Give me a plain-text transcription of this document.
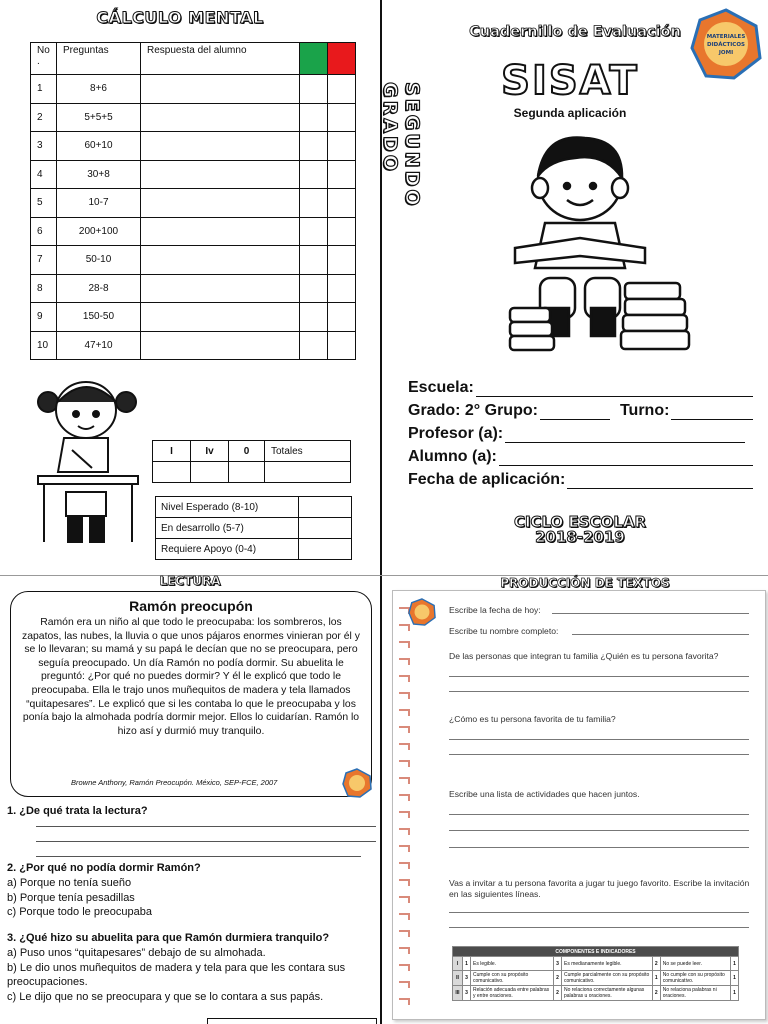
CÁLCULO MENTAL
No .	Preguntas	Respuesta del alumno		
1	8+6			
2	5+5+5			
3	60+10			
4	30+8			
5	10-7			
6	200+100			
7	50-10			
8	28-8			
9	150-50			
10	47+10			
I	Iv	0	Totales

Nivel Esperado (8-10)	
En desarrollo (5-7)	
Requiere Apoyo (0-4)	
SEGUNDO GRADO
Cuadernillo de Evaluación	MATERIALES
DIDÁCTICOS
JOMI
SISAT
Segunda aplicación
Escuela:
Grado: 2° Grupo:	Turno:
Profesor (a):
Alumno (a):
Fecha de aplicación:
CICLO ESCOLAR
2018-2019
LECTURA
Ramón preocupón

Ramón era un niño al que todo le preocupaba: los sombreros, los zapatos, las nubes, la lluvia o que unos pájaros enormes vinieran por él y se lo llevaran; su mamá y su papá le decían que no se preocupara, pero seguía preocupado. Un día Ramón no podía dormir. Su abuelita le preguntó: ¿Por qué no puedes dormir? Y él le explicó que todo le preocupaba. Ella le trajo unos muñequitos de madera y tela llamados “quitapesares”. Le explicó que si les contaba lo que le preocupaba y los ponía bajo la almohada podría dormir mejor. Ellos lo cuidarían. Ramón lo hizo así y durmió muy tranquilo.

Browne Anthony, Ramón Preocupón. México, SEP-FCE, 2007
1. ¿De qué trata la lectura?
2. ¿Por qué no podía dormir Ramón?
a) Porque no tenía sueño
b) Porque tenía pesadillas
c) Porque todo le preocupaba
3. ¿Qué hizo su abuelita para que Ramón durmiera tranquilo?
a) Puso unos “quitapesares” debajo de su almohada.
b) Le dio unos muñequitos de madera y tela para que les contara sus preocupaciones.
c) Le dijo que no se preocupara y que se lo contara a sus papás.
PRODUCCIÓN DE TEXTOS
Escribe la fecha de hoy:
Escribe tu nombre completo:
De las personas que integran tu familia ¿Quién es tu persona favorita?
¿Cómo es tu persona favorita de tu familia?
Escribe una lista de actividades que hacen juntos.
Vas a invitar a tu persona favorita a jugar tu juego favorito. Escribe la invitación en las siguientes líneas.
COMPONENTES E INDICADORES							
I	1	Es legible.	3	Es medianamente legible.	2	No se puede leer.	1
II	3	Cumple con su propósito comunicativo.	2	Cumple parcialmente con su propósito comunicativo.	1	No cumple con su propósito comunicativo.	1
III	3	Relación adecuada entre palabras y entre oraciones.	2	No relaciona correctamente algunas palabras u oraciones.	2	No relaciona palabras ni oraciones.	1
